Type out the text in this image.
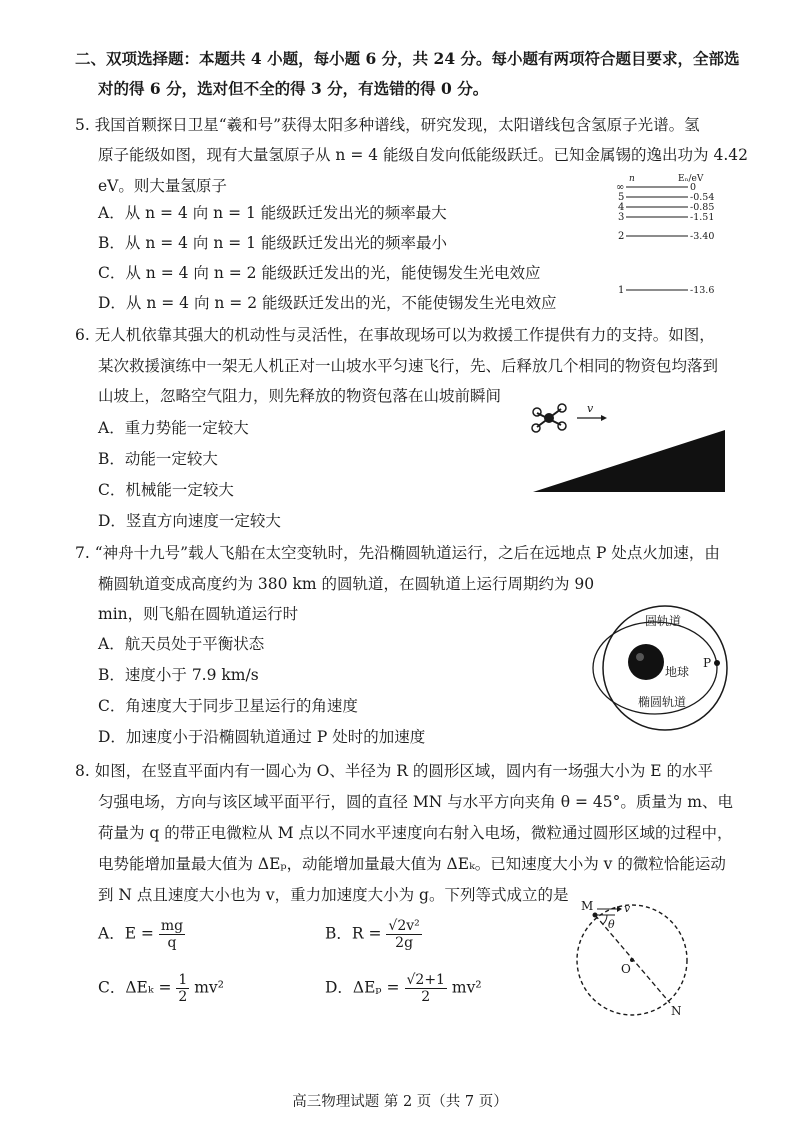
二、双项选择题：本题共 4 小题，每小题 6 分，共 24 分。每小题有两项符合题目要求，全部选
对的得 6 分，选对但不全的得 3 分，有选错的得 0 分。
5. 我国首颗探日卫星“羲和号”获得太阳多种谱线，研究发现，太阳谱线包含氢原子光谱。氢
原子能级如图，现有大量氢原子从 n = 4 能级自发向低能级跃迁。已知金属锡的逸出功为 4.42
eV。则大量氢原子
A．从 n = 4 向 n = 1 能级跃迁发出光的频率最大
B．从 n = 4 向 n = 1 能级跃迁发出光的频率最小
C．从 n = 4 向 n = 2 能级跃迁发出的光，能使锡发生光电效应
D．从 n = 4 向 n = 2 能级跃迁发出的光，不能使锡发生光电效应
n	Eₙ/eV
∞	0
5	-0.54
4	-0.85
3	-1.51
2	-3.40
1	-13.6
6. 无人机依靠其强大的机动性与灵活性，在事故现场可以为救援工作提供有力的支持。如图，
某次救援演练中一架无人机正对一山坡水平匀速飞行，先、后释放几个相同的物资包均落到
山坡上，忽略空气阻力，则先释放的物资包落在山坡前瞬间
A．重力势能一定较大
B．动能一定较大
C．机械能一定较大
D．竖直方向速度一定较大
v
7. “神舟十九号”载人飞船在太空变轨时，先沿椭圆轨道运行，之后在远地点 P 处点火加速，由
椭圆轨道变成高度约为 380 km 的圆轨道，在圆轨道上运行周期约为 90
min，则飞船在圆轨道运行时
A．航天员处于平衡状态
B．速度小于 7.9 km/s
C．角速度大于同步卫星运行的角速度
D．加速度小于沿椭圆轨道通过 P 处时的加速度
圆轨道
地球
椭圆轨道
P
8. 如图，在竖直平面内有一圆心为 O、半径为 R 的圆形区域，圆内有一场强大小为 E 的水平
匀强电场，方向与该区域平面平行，圆的直径 MN 与水平方向夹角 θ = 45°。质量为 m、电
荷量为 q 的带正电微粒从 M 点以不同水平速度向右射入电场，微粒通过圆形区域的过程中，
电势能增加量最大值为 ΔEₚ，动能增加量最大值为 ΔEₖ。已知速度大小为 v 的微粒恰能运动
到 N 点且速度大小也为 v，重力加速度大小为 g。下列等式成立的是
A．$E = \frac{mg}{q}$	B．$R = \frac{\text{√2v²}}{2g}$
C．$\Delta E_k = \frac{1}{2} mv^2$	D．$\Delta E_p = \frac{√2+1}{2} mv^2$
M	v
θ
O
N
高三物理试题 第 2 页（共 7 页）
